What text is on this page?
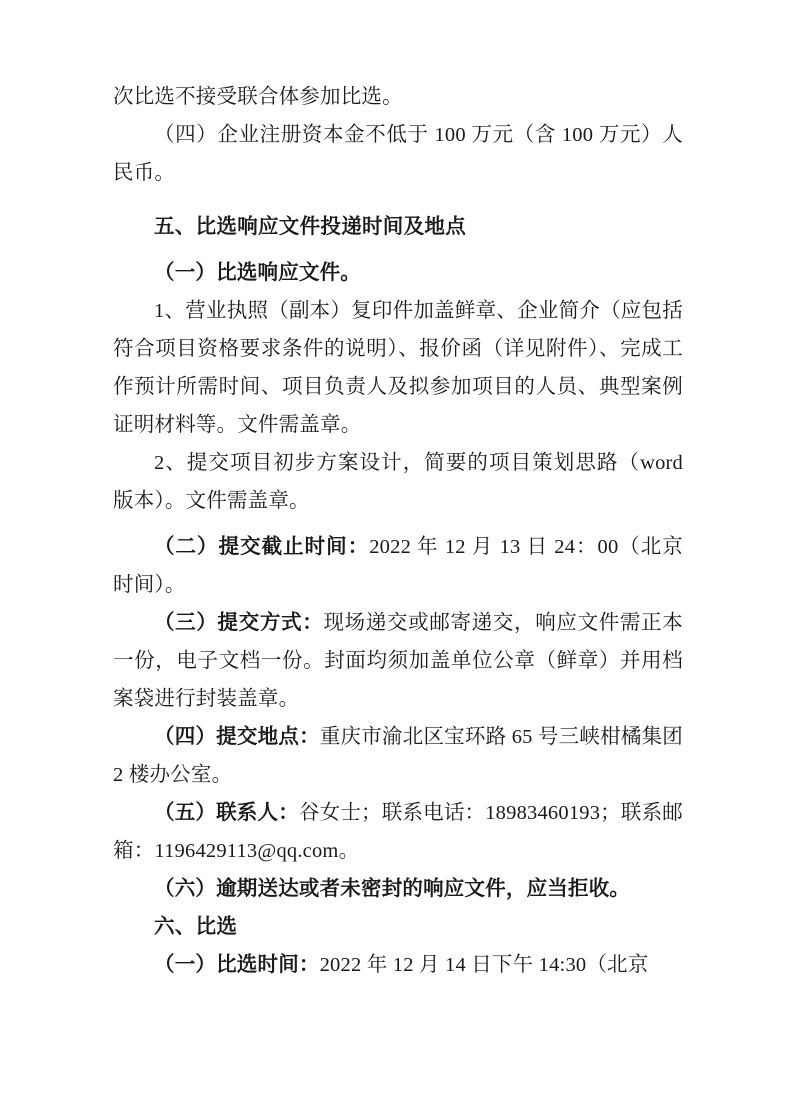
次比选不接受联合体参加比选。

（四）企业注册资本金不低于 100 万元（含 100 万元）人民币。

五、比选响应文件投递时间及地点

（一）比选响应文件。

1、营业执照（副本）复印件加盖鲜章、企业简介（应包括符合项目资格要求条件的说明）、报价函（详见附件）、完成工作预计所需时间、项目负责人及拟参加项目的人员、典型案例证明材料等。文件需盖章。

2、提交项目初步方案设计，简要的项目策划思路（word 版本）。文件需盖章。

（二）提交截止时间：2022 年 12 月 13 日 24：00（北京时间）。

（三）提交方式：现场递交或邮寄递交，响应文件需正本一份，电子文档一份。封面均须加盖单位公章（鲜章）并用档案袋进行封装盖章。

（四）提交地点：重庆市渝北区宝环路 65 号三峡柑橘集团 2 楼办公室。

（五）联系人：谷女士；联系电话：18983460193；联系邮箱：1196429113@qq.com。

（六）逾期送达或者未密封的响应文件，应当拒收。

六、比选

（一）比选时间：2022 年 12 月 14 日下午 14:30（北京
